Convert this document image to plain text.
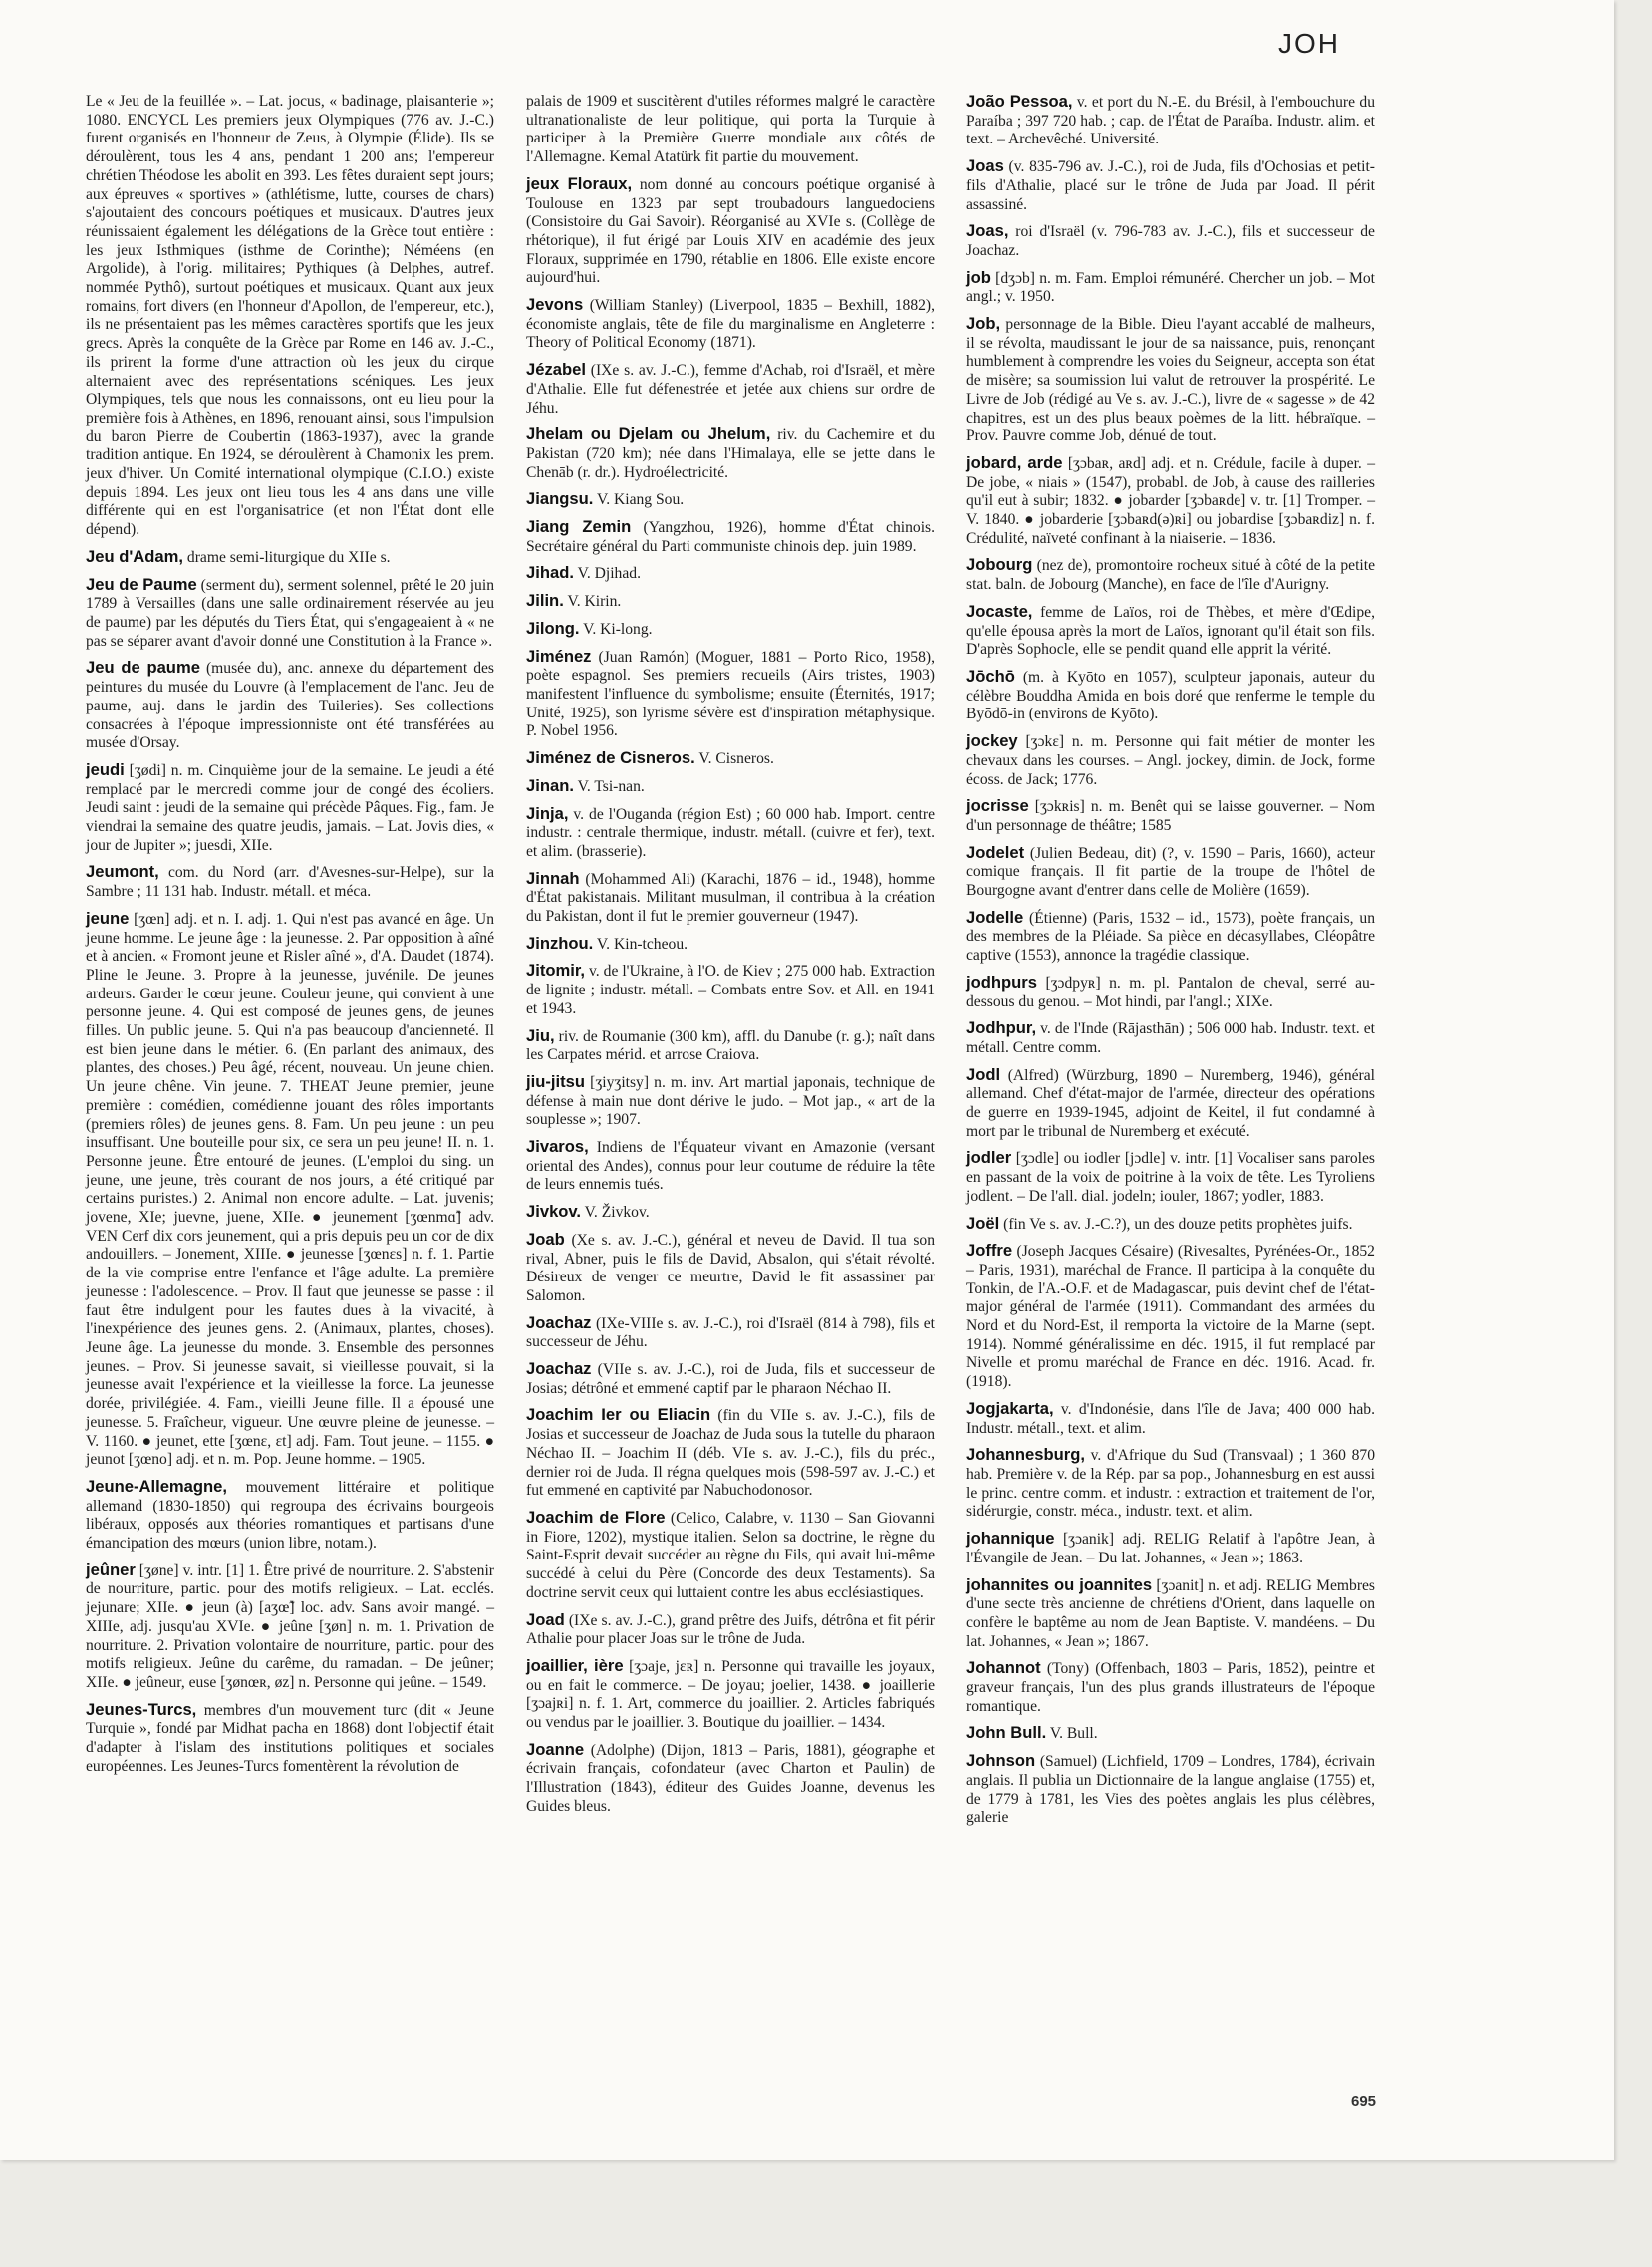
JOH

Le « Jeu de la feuillée ». – Lat. jocus, « badinage, plaisanterie »; 1080. ENCYCL Les premiers jeux Olympiques (776 av. J.-C.) furent organisés en l'honneur de Zeus, à Olympie (Élide). Ils se déroulèrent, tous les 4 ans, pendant 1 200 ans; l'empereur chrétien Théodose les abolit en 393. Les fêtes duraient sept jours; aux épreuves « sportives » (athlétisme, lutte, courses de chars) s'ajoutaient des concours poétiques et musicaux. D'autres jeux réunissaient également les délégations de la Grèce tout entière : les jeux Isthmiques (isthme de Corinthe); Néméens (en Argolide), à l'orig. militaires; Pythiques (à Delphes, autref. nommée Pythô), surtout poétiques et musicaux. Quant aux jeux romains, fort divers (en l'honneur d'Apollon, de l'empereur, etc.), ils ne présentaient pas les mêmes caractères sportifs que les jeux grecs. Après la conquête de la Grèce par Rome en 146 av. J.-C., ils prirent la forme d'une attraction où les jeux du cirque alternaient avec des représentations scéniques. Les jeux Olympiques, tels que nous les connaissons, ont eu lieu pour la première fois à Athènes, en 1896, renouant ainsi, sous l'impulsion du baron Pierre de Coubertin (1863-1937), avec la grande tradition antique. En 1924, se déroulèrent à Chamonix les prem. jeux d'hiver. Un Comité international olympique (C.I.O.) existe depuis 1894. Les jeux ont lieu tous les 4 ans dans une ville différente qui en est l'organisatrice (et non l'État dont elle dépend).

Jeu d'Adam, drame semi-liturgique du XIIe s.

Jeu de Paume (serment du), serment solennel, prêté le 20 juin 1789 à Versailles (dans une salle ordinairement réservée au jeu de paume) par les députés du Tiers État, qui s'engageaient à « ne pas se séparer avant d'avoir donné une Constitution à la France ».

Jeu de paume (musée du), anc. annexe du département des peintures du musée du Louvre (à l'emplacement de l'anc. Jeu de paume, auj. dans le jardin des Tuileries). Ses collections consacrées à l'époque impressionniste ont été transférées au musée d'Orsay.

jeudi [ʒødi] n. m. Cinquième jour de la semaine. Le jeudi a été remplacé par le mercredi comme jour de congé des écoliers. Jeudi saint : jeudi de la semaine qui précède Pâques. Fig., fam. Je viendrai la semaine des quatre jeudis, jamais. – Lat. Jovis dies, « jour de Jupiter »; juesdi, XIIe.

Jeumont, com. du Nord (arr. d'Avesnes-sur-Helpe), sur la Sambre ; 11 131 hab. Industr. métall. et méca.

jeune [ʒœn] adj. et n. I. adj. 1. Qui n'est pas avancé en âge. Un jeune homme. Le jeune âge : la jeunesse. 2. Par opposition à aîné et à ancien. « Fromont jeune et Risler aîné », d'A. Daudet (1874). Pline le Jeune. 3. Propre à la jeunesse, juvénile. De jeunes ardeurs. Garder le cœur jeune. Couleur jeune, qui convient à une personne jeune. 4. Qui est composé de jeunes gens, de jeunes filles. Un public jeune. 5. Qui n'a pas beaucoup d'ancienneté. Il est bien jeune dans le métier. 6. (En parlant des animaux, des plantes, des choses.) Peu âgé, récent, nouveau. Un jeune chien. Un jeune chêne. Vin jeune. 7. THEAT Jeune premier, jeune première : comédien, comédienne jouant des rôles importants (premiers rôles) de jeunes gens. 8. Fam. Un peu jeune : un peu insuffisant. Une bouteille pour six, ce sera un peu jeune! II. n. 1. Personne jeune. Être entouré de jeunes. (L'emploi du sing. un jeune, une jeune, très courant de nos jours, a été critiqué par certains puristes.) 2. Animal non encore adulte. – Lat. juvenis; jovene, XIe; juevne, juene, XIIe. ● jeunement [ʒœnmɑ̃] adv. VEN Cerf dix cors jeunement, qui a pris depuis peu un cor de dix andouillers. – Jonement, XIIIe. ● jeunesse [ʒœnɛs] n. f. 1. Partie de la vie comprise entre l'enfance et l'âge adulte. La première jeunesse : l'adolescence. – Prov. Il faut que jeunesse se passe : il faut être indulgent pour les fautes dues à la vivacité, à l'inexpérience des jeunes gens. 2. (Animaux, plantes, choses). Jeune âge. La jeunesse du monde. 3. Ensemble des personnes jeunes. – Prov. Si jeunesse savait, si vieillesse pouvait, si la jeunesse avait l'expérience et la vieillesse la force. La jeunesse dorée, privilégiée. 4. Fam., vieilli Jeune fille. Il a épousé une jeunesse. 5. Fraîcheur, vigueur. Une œuvre pleine de jeunesse. – V. 1160. ● jeunet, ette [ʒœnɛ, ɛt] adj. Fam. Tout jeune. – 1155. ● jeunot [ʒœno] adj. et n. m. Pop. Jeune homme. – 1905.

Jeune-Allemagne, mouvement littéraire et politique allemand (1830-1850) qui regroupa des écrivains bourgeois libéraux, opposés aux théories romantiques et partisans d'une émancipation des mœurs (union libre, notam.).

jeûner [ʒøne] v. intr. [1] 1. Être privé de nourriture. 2. S'abstenir de nourriture, partic. pour des motifs religieux. – Lat. ecclés. jejunare; XIIe. ● jeun (à) [aʒœ̃] loc. adv. Sans avoir mangé. – XIIIe, adj. jusqu'au XVIe. ● jeûne [ʒøn] n. m. 1. Privation de nourriture. 2. Privation volontaire de nourriture, partic. pour des motifs religieux. Jeûne du carême, du ramadan. – De jeûner; XIIe. ● jeûneur, euse [ʒønœʀ, øz] n. Personne qui jeûne. – 1549.

Jeunes-Turcs, membres d'un mouvement turc (dit « Jeune Turquie », fondé par Midhat pacha en 1868) dont l'objectif était d'adapter à l'islam des institutions politiques et sociales européennes. Les Jeunes-Turcs fomentèrent la révolution de

palais de 1909 et suscitèrent d'utiles réformes malgré le caractère ultranationaliste de leur politique, qui porta la Turquie à participer à la Première Guerre mondiale aux côtés de l'Allemagne. Kemal Atatürk fit partie du mouvement.

jeux Floraux, nom donné au concours poétique organisé à Toulouse en 1323 par sept troubadours languedociens (Consistoire du Gai Savoir). Réorganisé au XVIe s. (Collège de rhétorique), il fut érigé par Louis XIV en académie des jeux Floraux, supprimée en 1790, rétablie en 1806. Elle existe encore aujourd'hui.

Jevons (William Stanley) (Liverpool, 1835 – Bexhill, 1882), économiste anglais, tête de file du marginalisme en Angleterre : Theory of Political Economy (1871).

Jézabel (IXe s. av. J.-C.), femme d'Achab, roi d'Israël, et mère d'Athalie. Elle fut défenestrée et jetée aux chiens sur ordre de Jéhu.

Jhelam ou Djelam ou Jhelum, riv. du Cachemire et du Pakistan (720 km); née dans l'Himalaya, elle se jette dans le Chenāb (r. dr.). Hydroélectricité.

Jiangsu. V. Kiang Sou.

Jiang Zemin (Yangzhou, 1926), homme d'État chinois. Secrétaire général du Parti communiste chinois dep. juin 1989.

Jihad. V. Djihad.

Jilin. V. Kirin.

Jilong. V. Ki-long.

Jiménez (Juan Ramón) (Moguer, 1881 – Porto Rico, 1958), poète espagnol. Ses premiers recueils (Airs tristes, 1903) manifestent l'influence du symbolisme; ensuite (Éternités, 1917; Unité, 1925), son lyrisme sévère est d'inspiration métaphysique. P. Nobel 1956.

Jiménez de Cisneros. V. Cisneros.

Jinan. V. Tsi-nan.

Jinja, v. de l'Ouganda (région Est) ; 60 000 hab. Import. centre industr. : centrale thermique, industr. métall. (cuivre et fer), text. et alim. (brasserie).

Jinnah (Mohammed Ali) (Karachi, 1876 – id., 1948), homme d'État pakistanais. Militant musulman, il contribua à la création du Pakistan, dont il fut le premier gouverneur (1947).

Jinzhou. V. Kin-tcheou.

Jitomir, v. de l'Ukraine, à l'O. de Kiev ; 275 000 hab. Extraction de lignite ; industr. métall. – Combats entre Sov. et All. en 1941 et 1943.

Jiu, riv. de Roumanie (300 km), affl. du Danube (r. g.); naît dans les Carpates mérid. et arrose Craiova.

jiu-jitsu [ʒiyʒitsy] n. m. inv. Art martial japonais, technique de défense à main nue dont dérive le judo. – Mot jap., « art de la souplesse »; 1907.

Jivaros, Indiens de l'Équateur vivant en Amazonie (versant oriental des Andes), connus pour leur coutume de réduire la tête de leurs ennemis tués.

Jivkov. V. Živkov.

Joab (Xe s. av. J.-C.), général et neveu de David. Il tua son rival, Abner, puis le fils de David, Absalon, qui s'était révolté. Désireux de venger ce meurtre, David le fit assassiner par Salomon.

Joachaz (IXe-VIIIe s. av. J.-C.), roi d'Israël (814 à 798), fils et successeur de Jéhu.

Joachaz (VIIe s. av. J.-C.), roi de Juda, fils et successeur de Josias; détrôné et emmené captif par le pharaon Néchao II.

Joachim Ier ou Eliacin (fin du VIIe s. av. J.-C.), fils de Josias et successeur de Joachaz de Juda sous la tutelle du pharaon Néchao II. – Joachim II (déb. VIe s. av. J.-C.), fils du préc., dernier roi de Juda. Il régna quelques mois (598-597 av. J.-C.) et fut emmené en captivité par Nabuchodonosor.

Joachim de Flore (Celico, Calabre, v. 1130 – San Giovanni in Fiore, 1202), mystique italien. Selon sa doctrine, le règne du Saint-Esprit devait succéder au règne du Fils, qui avait lui-même succédé à celui du Père (Concorde des deux Testaments). Sa doctrine servit ceux qui luttaient contre les abus ecclésiastiques.

Joad (IXe s. av. J.-C.), grand prêtre des Juifs, détrôna et fit périr Athalie pour placer Joas sur le trône de Juda.

joaillier, ière [ʒɔaje, jɛʀ] n. Personne qui travaille les joyaux, ou en fait le commerce. – De joyau; joelier, 1438. ● joaillerie [ʒɔajʀi] n. f. 1. Art, commerce du joaillier. 2. Articles fabriqués ou vendus par le joaillier. 3. Boutique du joaillier. – 1434.

Joanne (Adolphe) (Dijon, 1813 – Paris, 1881), géographe et écrivain français, cofondateur (avec Charton et Paulin) de l'Illustration (1843), éditeur des Guides Joanne, devenus les Guides bleus.

João Pessoa, v. et port du N.-E. du Brésil, à l'embouchure du Paraíba ; 397 720 hab. ; cap. de l'État de Paraíba. Industr. alim. et text. – Archevêché. Université.

Joas (v. 835-796 av. J.-C.), roi de Juda, fils d'Ochosias et petit-fils d'Athalie, placé sur le trône de Juda par Joad. Il périt assassiné.

Joas, roi d'Israël (v. 796-783 av. J.-C.), fils et successeur de Joachaz.

job [dʒɔb] n. m. Fam. Emploi rémunéré. Chercher un job. – Mot angl.; v. 1950.

Job, personnage de la Bible. Dieu l'ayant accablé de malheurs, il se révolta, maudissant le jour de sa naissance, puis, renonçant humblement à comprendre les voies du Seigneur, accepta son état de misère; sa soumission lui valut de retrouver la prospérité. Le Livre de Job (rédigé au Ve s. av. J.-C.), livre de « sagesse » de 42 chapitres, est un des plus beaux poèmes de la litt. hébraïque. – Prov. Pauvre comme Job, dénué de tout.

jobard, arde [ʒɔbaʀ, aʀd] adj. et n. Crédule, facile à duper. – De jobe, « niais » (1547), probabl. de Job, à cause des railleries qu'il eut à subir; 1832. ● jobarder [ʒɔbaʀde] v. tr. [1] Tromper. – V. 1840. ● jobarderie [ʒɔbaʀd(ə)ʀi] ou jobardise [ʒɔbaʀdiz] n. f. Crédulité, naïveté confinant à la niaiserie. – 1836.

Jobourg (nez de), promontoire rocheux situé à côté de la petite stat. baln. de Jobourg (Manche), en face de l'île d'Aurigny.

Jocaste, femme de Laïos, roi de Thèbes, et mère d'Œdipe, qu'elle épousa après la mort de Laïos, ignorant qu'il était son fils. D'après Sophocle, elle se pendit quand elle apprit la vérité.

Jōchō (m. à Kyōto en 1057), sculpteur japonais, auteur du célèbre Bouddha Amida en bois doré que renferme le temple du Byōdō-in (environs de Kyōto).

jockey [ʒɔkɛ] n. m. Personne qui fait métier de monter les chevaux dans les courses. – Angl. jockey, dimin. de Jock, forme écoss. de Jack; 1776.

jocrisse [ʒɔkʀis] n. m. Benêt qui se laisse gouverner. – Nom d'un personnage de théâtre; 1585

Jodelet (Julien Bedeau, dit) (?, v. 1590 – Paris, 1660), acteur comique français. Il fit partie de la troupe de l'hôtel de Bourgogne avant d'entrer dans celle de Molière (1659).

Jodelle (Étienne) (Paris, 1532 – id., 1573), poète français, un des membres de la Pléiade. Sa pièce en décasyllabes, Cléopâtre captive (1553), annonce la tragédie classique.

jodhpurs [ʒɔdpyʀ] n. m. pl. Pantalon de cheval, serré au-dessous du genou. – Mot hindi, par l'angl.; XIXe.

Jodhpur, v. de l'Inde (Rājasthān) ; 506 000 hab. Industr. text. et métall. Centre comm.

Jodl (Alfred) (Würzburg, 1890 – Nuremberg, 1946), général allemand. Chef d'état-major de l'armée, directeur des opérations de guerre en 1939-1945, adjoint de Keitel, il fut condamné à mort par le tribunal de Nuremberg et exécuté.

jodler [ʒɔdle] ou iodler [jɔdle] v. intr. [1] Vocaliser sans paroles en passant de la voix de poitrine à la voix de tête. Les Tyroliens jodlent. – De l'all. dial. jodeln; iouler, 1867; yodler, 1883.

Joël (fin Ve s. av. J.-C.?), un des douze petits prophètes juifs.

Joffre (Joseph Jacques Césaire) (Rivesaltes, Pyrénées-Or., 1852 – Paris, 1931), maréchal de France. Il participa à la conquête du Tonkin, de l'A.-O.F. et de Madagascar, puis devint chef de l'état-major général de l'armée (1911). Commandant des armées du Nord et du Nord-Est, il remporta la victoire de la Marne (sept. 1914). Nommé généralissime en déc. 1915, il fut remplacé par Nivelle et promu maréchal de France en déc. 1916. Acad. fr. (1918).

Jogjakarta, v. d'Indonésie, dans l'île de Java; 400 000 hab. Industr. métall., text. et alim.

Johannesburg, v. d'Afrique du Sud (Transvaal) ; 1 360 870 hab. Première v. de la Rép. par sa pop., Johannesburg en est aussi le princ. centre comm. et industr. : extraction et traitement de l'or, sidérurgie, constr. méca., industr. text. et alim.

johannique [ʒɔanik] adj. RELIG Relatif à l'apôtre Jean, à l'Évangile de Jean. – Du lat. Johannes, « Jean »; 1863.

johannites ou joannites [ʒɔanit] n. et adj. RELIG Membres d'une secte très ancienne de chrétiens d'Orient, dans laquelle on confère le baptême au nom de Jean Baptiste. V. mandéens. – Du lat. Johannes, « Jean »; 1867.

Johannot (Tony) (Offenbach, 1803 – Paris, 1852), peintre et graveur français, l'un des plus grands illustrateurs de l'époque romantique.

John Bull. V. Bull.

Johnson (Samuel) (Lichfield, 1709 – Londres, 1784), écrivain anglais. Il publia un Dictionnaire de la langue anglaise (1755) et, de 1779 à 1781, les Vies des poètes anglais les plus célèbres, galerie

695
